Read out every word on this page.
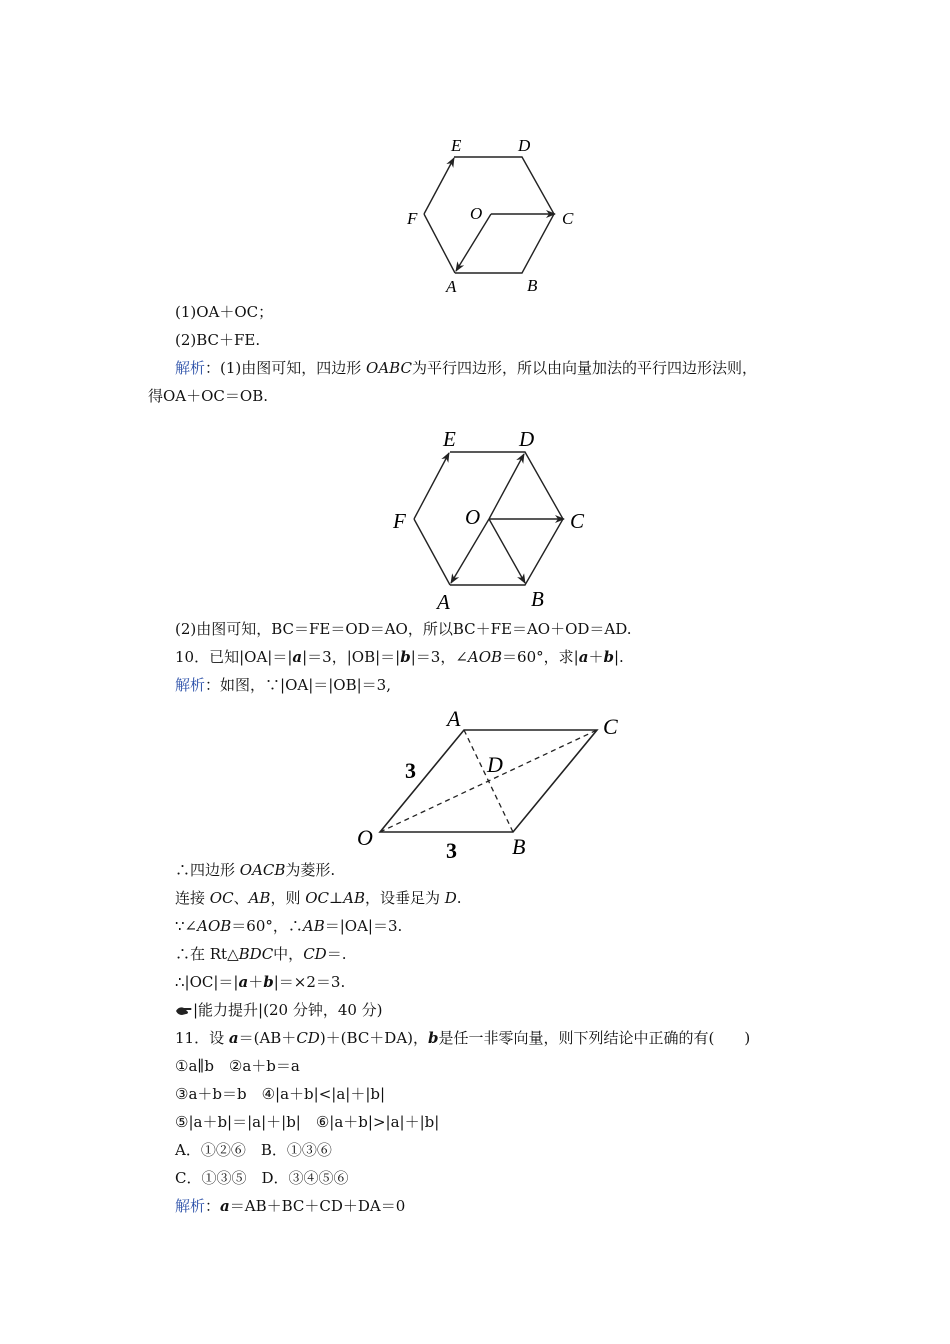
E	D
F	O	C
A	B
(1)OA＋OC；
(2)BC＋FE.
解析：(1)由图可知，四边形 OABC为平行四边形，所以由向量加法的平行四边形法则，
得OA＋OC＝OB.
E	D
F	O	C
A	B
(2)由图可知，BC＝FE＝OD＝AO，所以BC＋FE＝AO＋OD＝AD.
10．已知|OA|＝|a|＝3，|OB|＝|b|＝3，∠AOB＝60°，求|a＋b|.
解析：如图，∵|OA|＝|OB|＝3,
A	C
D
O	B
3
3
∴四边形 OACB为菱形.
连接 OC、AB，则 OC⊥AB，设垂足为 D.
∵∠AOB＝60°，∴AB＝|OA|＝3.
∴在 Rt△BDC中，CD＝.
∴|OC|＝|a＋b|＝×2＝3.
|能力提升|(20 分钟，40 分)
11．设 a＝(AB＋CD)＋(BC＋DA)，b是任一非零向量，则下列结论中正确的有(　　)
①a∥b　②a＋b＝a
③a＋b＝b　④|a＋b|<|a|＋|b|
⑤|a＋b|＝|a|＋|b|　⑥|a＋b|>|a|＋|b|
A．①②⑥　B．①③⑥
C．①③⑤　D．③④⑤⑥
解析：a＝AB＋BC＋CD＋DA＝0
